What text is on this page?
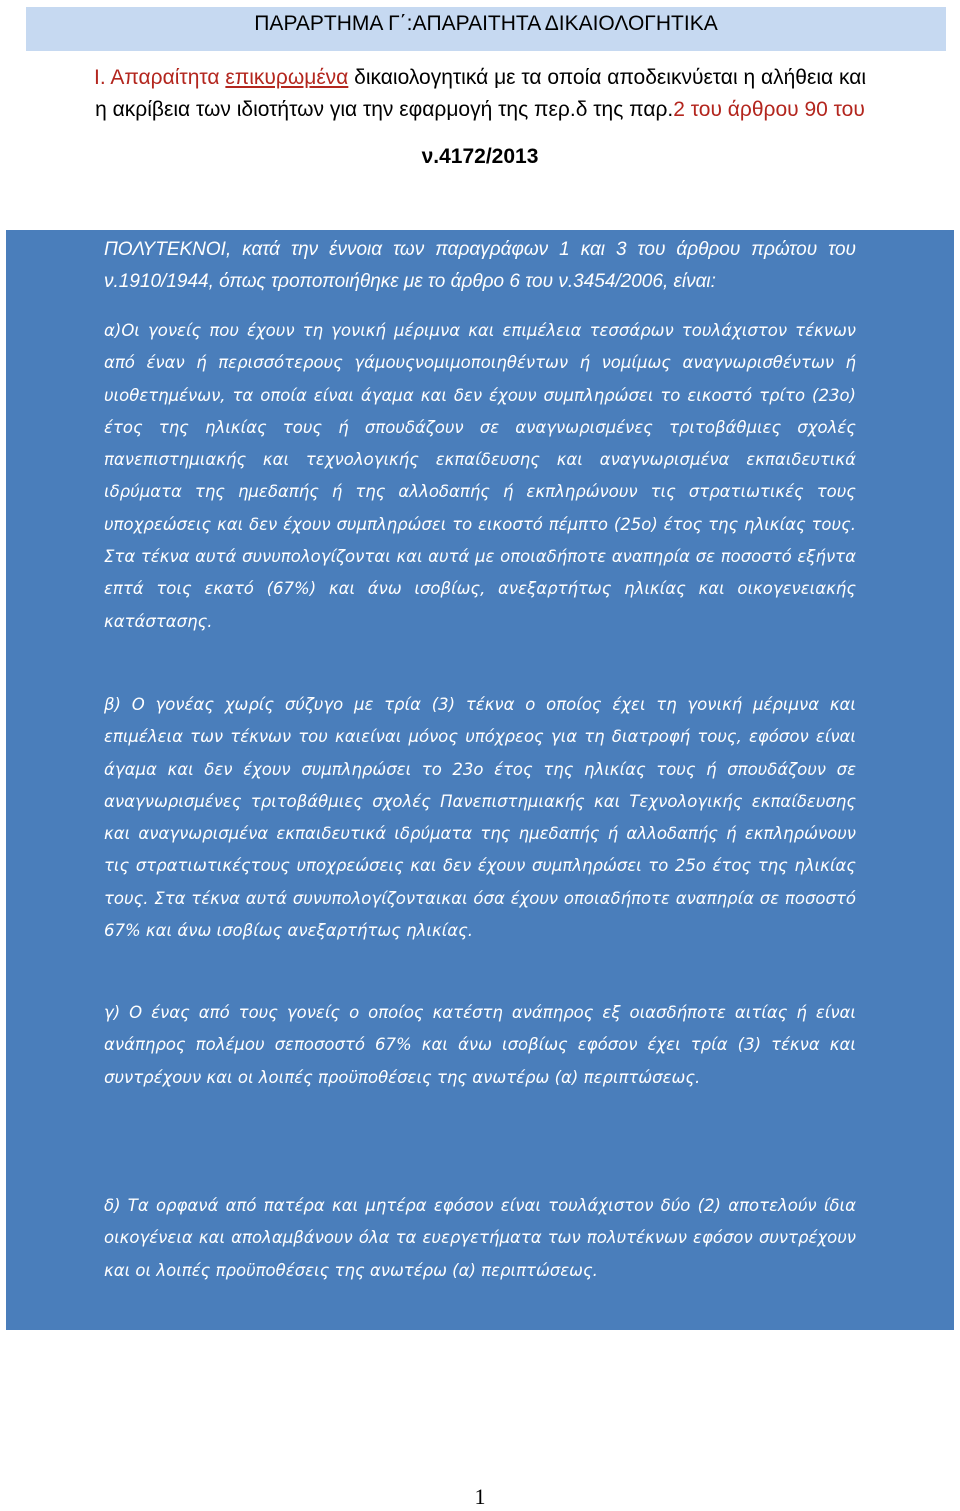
ΠΑΡΑΡΤΗΜΑ Γ΄:ΑΠΑΡΑΙΤΗΤΑ ΔΙΚΑΙΟΛΟΓΗΤΙΚΑ
Ι. Απαραίτητα επικυρωμένα δικαιολογητικά με τα οποία αποδεικνύεται η αλήθεια και
η ακρίβεια των ιδιοτήτων για την εφαρμογή της περ.δ της παρ.2 του άρθρου 90 του
ν.4172/2013
ΠΟΛΥΤΕΚΝΟΙ, κατά την έννοια των παραγράφων 1 και 3 του άρθρου πρώτου του ν.1910/1944, όπως τροποποιήθηκε με το άρθρο 6 του ν.3454/2006, είναι:
α)Οι γονείς που έχουν τη γονική μέριμνα και επιμέλεια τεσσάρων τουλάχιστον τέκνων από έναν ή περισσότερους γάμουςνομιμοποιηθέντων ή νομίμως αναγνωρισθέντων ή υιοθετημένων, τα οποία είναι άγαμα και δεν έχουν συμπληρώσει το εικοστό τρίτο (23ο) έτος της ηλικίας τους ή σπουδάζουν σε αναγνωρισμένες τριτοβάθμιες σχολές πανεπιστημιακής και τεχνολογικής εκπαίδευσης και αναγνωρισμένα εκπαιδευτικά ιδρύματα της ημεδαπής ή της αλλοδαπής ή εκπληρώνουν τις στρατιωτικές τους υποχρεώσεις και δεν έχουν συμπληρώσει το εικοστό πέμπτο (25ο) έτος της ηλικίας τους. Στα τέκνα αυτά συνυπολογίζονται και αυτά με οποιαδήποτε αναπηρία σε ποσοστό εξήντα επτά τοις εκατό (67%) και άνω ισοβίως, ανεξαρτήτως ηλικίας και οικογενειακής κατάστασης.
β) Ο γονέας χωρίς σύζυγο με τρία (3) τέκνα ο οποίος έχει τη γονική μέριμνα και επιμέλεια των τέκνων του καιείναι μόνος υπόχρεος για τη διατροφή τους, εφόσον είναι άγαμα και δεν έχουν συμπληρώσει το 23ο έτος της ηλικίας τους ή σπουδάζουν σε αναγνωρισμένες τριτοβάθμιες σχολές Πανεπιστημιακής και Τεχνολογικής εκπαίδευσης και αναγνωρισμένα εκπαιδευτικά ιδρύματα της ημεδαπής ή αλλοδαπής ή εκπληρώνουν τις στρατιωτικέςτους υποχρεώσεις και δεν έχουν συμπληρώσει το 25ο έτος της ηλικίας τους. Στα τέκνα αυτά συνυπολογίζονταικαι όσα έχουν οποιαδήποτε αναπηρία σε ποσοστό 67% και άνω ισοβίως ανεξαρτήτως ηλικίας.
γ) Ο ένας από τους γονείς ο οποίος κατέστη ανάπηρος εξ οιασδήποτε αιτίας ή είναι ανάπηρος πολέμου σεποσοστό 67% και άνω ισοβίως εφόσον έχει τρία (3) τέκνα και συντρέχουν και οι λοιπές προϋποθέσεις της ανωτέρω (α) περιπτώσεως.
δ) Τα ορφανά από πατέρα και μητέρα εφόσον είναι τουλάχιστον δύο (2) αποτελούν ίδια οικογένεια και απολαμβάνουν όλα τα ευεργετήματα των πολυτέκνων εφόσον συντρέχουν και οι λοιπές προϋποθέσεις της ανωτέρω (α) περιπτώσεως.
1
